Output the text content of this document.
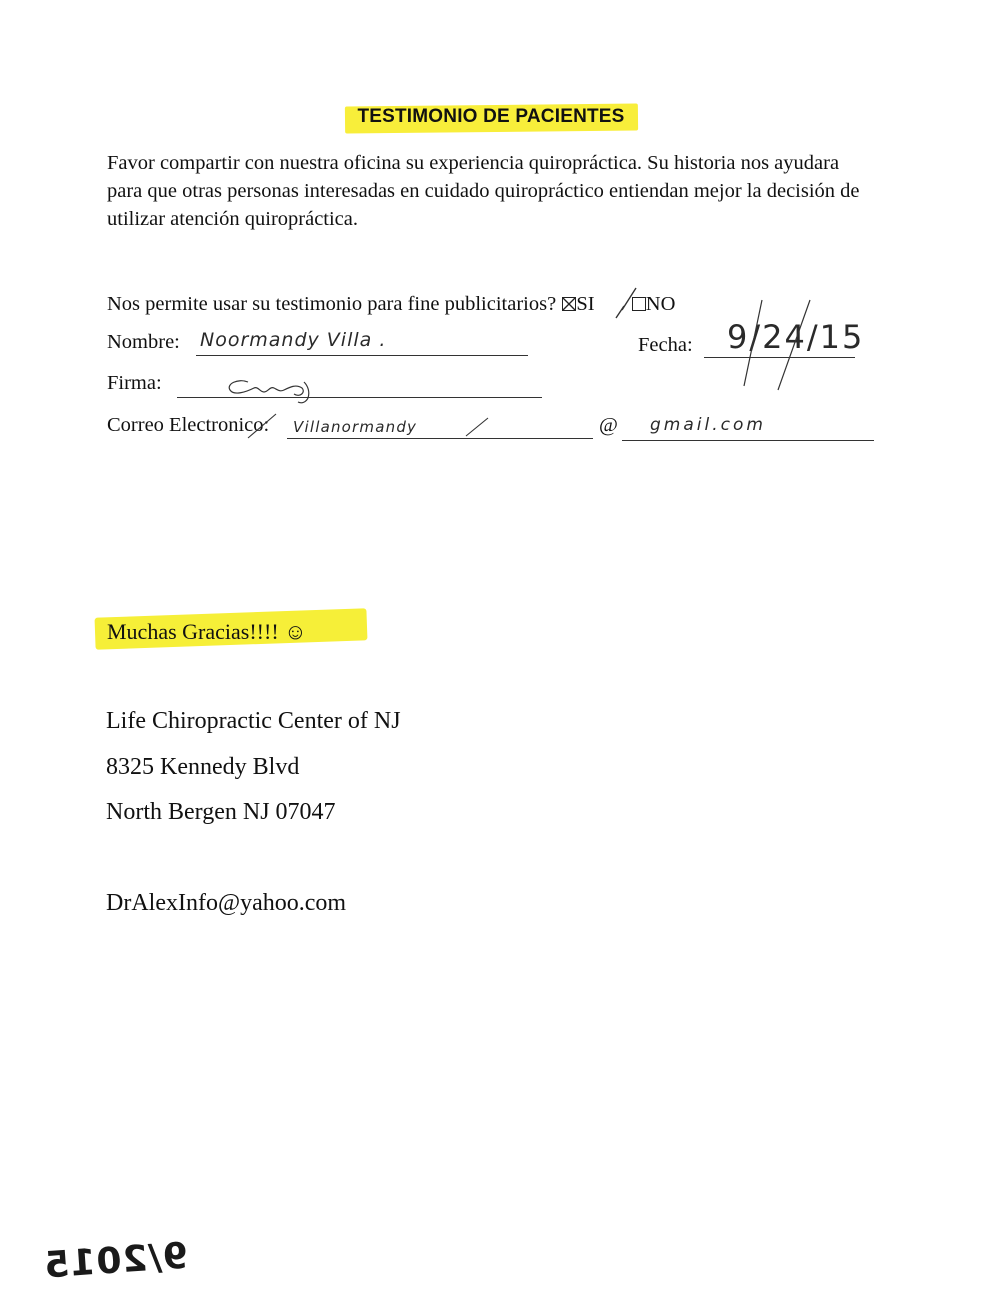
TESTIMONIO DE PACIENTES
Favor compartir con nuestra oficina su experiencia quiropráctica. Su historia nos ayudara para que otras personas interesadas en cuidado quiropráctico entiendan mejor la decisión de utilizar atención quiropráctica.
Nos permite usar su testimonio para fine publicitarios? SI	NO
Nombre: Noormandy Villa .	Fecha: 9/24/15
Firma:
Correo Electronico: Villanormandy	@ gmail.com
Muchas Gracias!!!! ☺
Life Chiropractic Center of NJ
8325 Kennedy Blvd
North Bergen NJ 07047
DrAlexInfo@yahoo.com
9/2015
